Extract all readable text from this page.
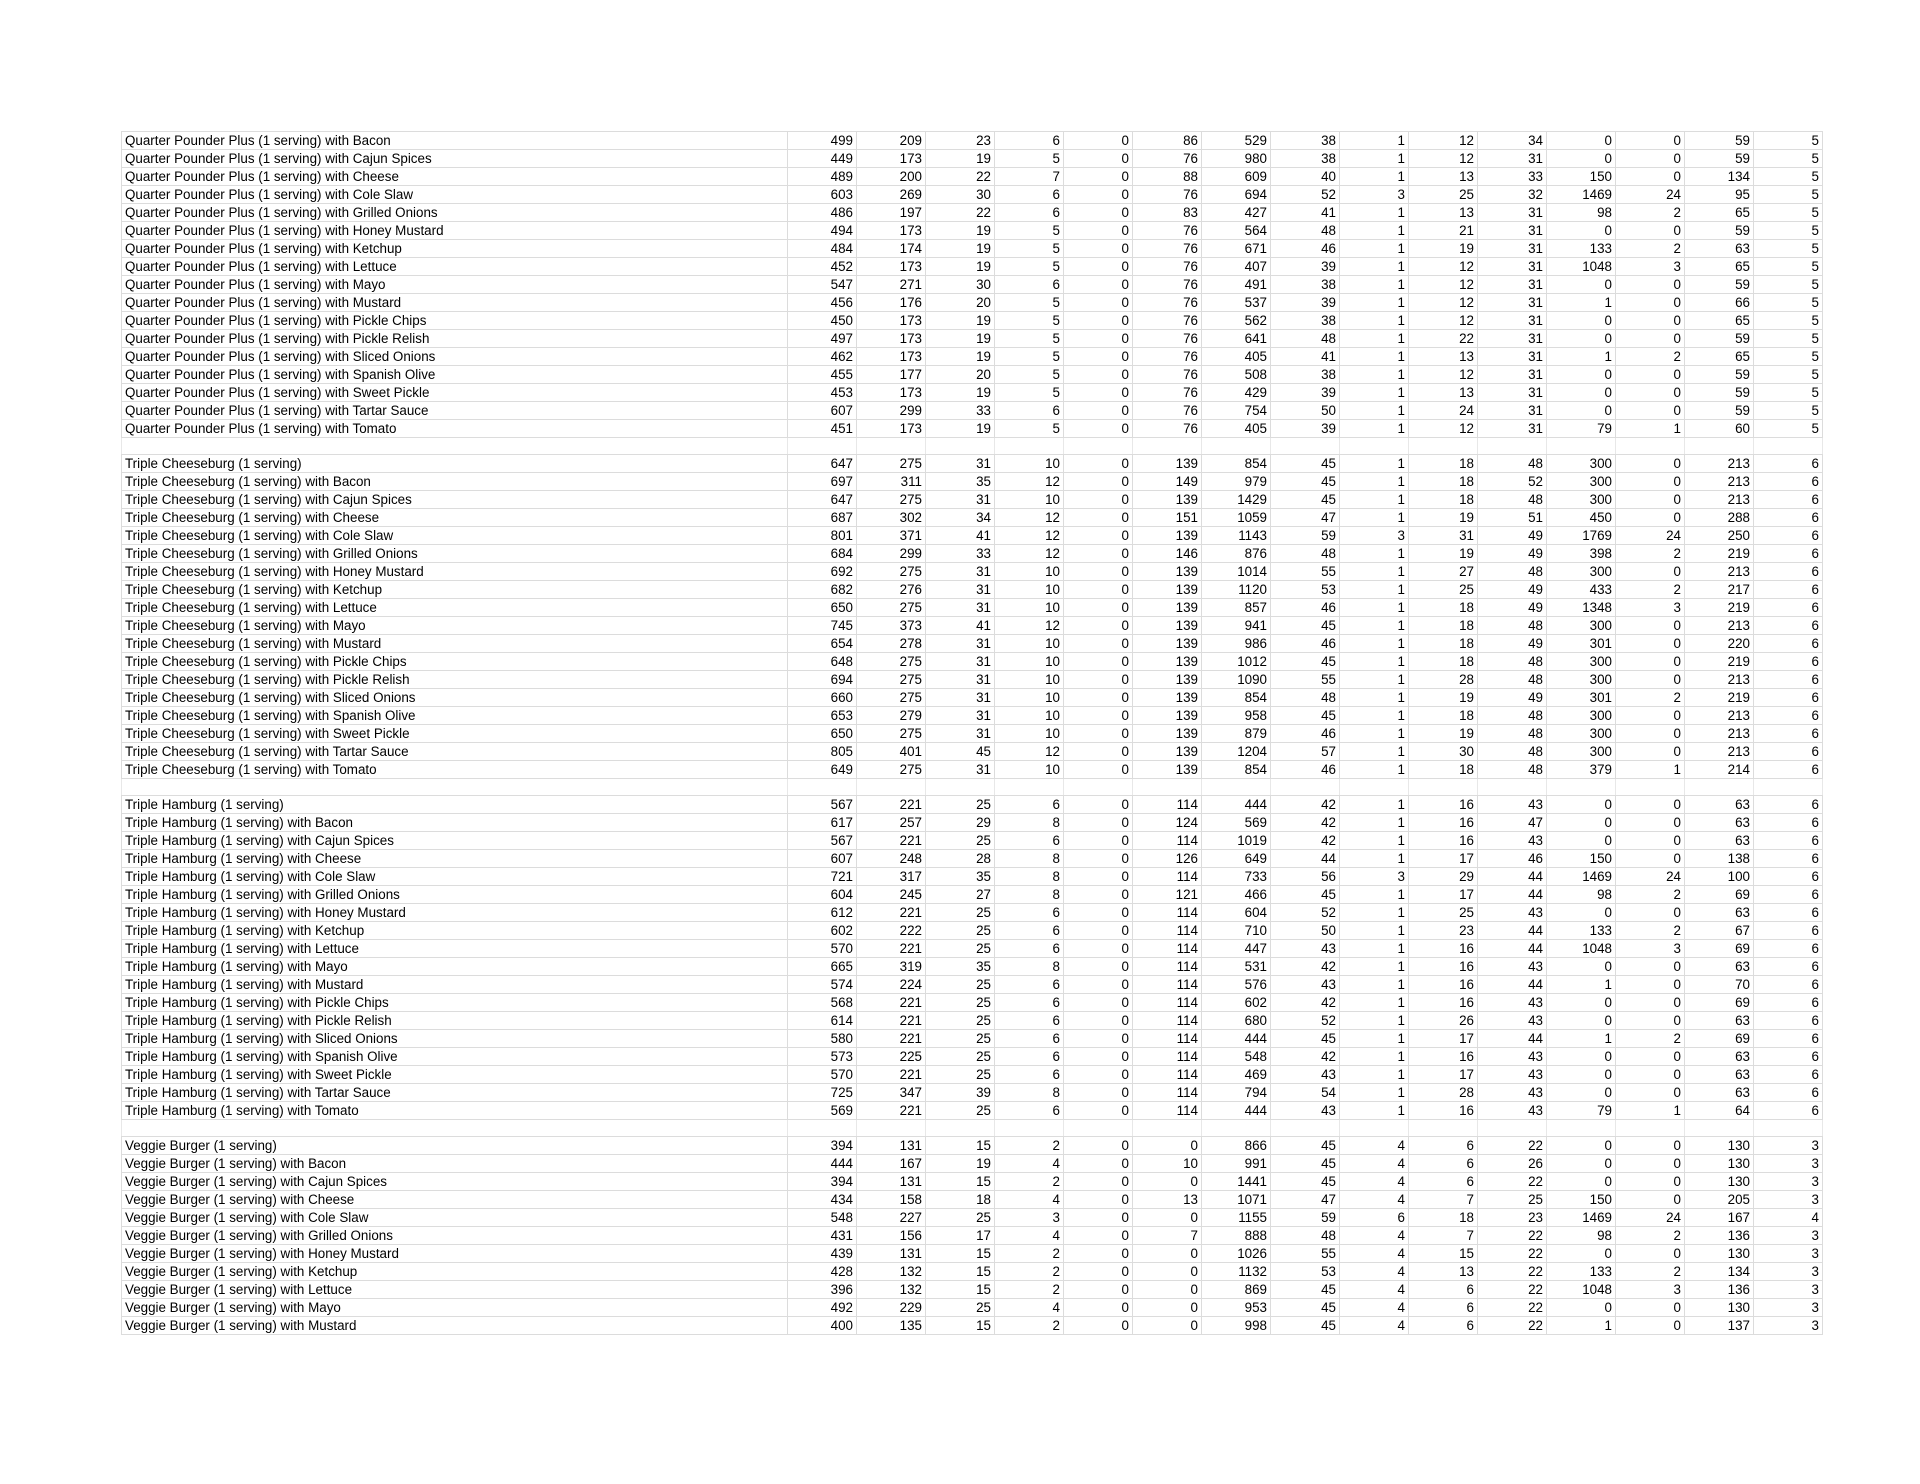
Quarter Pounder Plus (1 serving) with Bacon	499	209	23	6	0	86	529	38	1	12	34	0	0	59	5
Quarter Pounder Plus (1 serving) with Cajun Spices	449	173	19	5	0	76	980	38	1	12	31	0	0	59	5
Quarter Pounder Plus (1 serving) with Cheese	489	200	22	7	0	88	609	40	1	13	33	150	0	134	5
Quarter Pounder Plus (1 serving) with Cole Slaw	603	269	30	6	0	76	694	52	3	25	32	1469	24	95	5
Quarter Pounder Plus (1 serving) with Grilled Onions	486	197	22	6	0	83	427	41	1	13	31	98	2	65	5
Quarter Pounder Plus (1 serving) with Honey Mustard	494	173	19	5	0	76	564	48	1	21	31	0	0	59	5
Quarter Pounder Plus (1 serving) with Ketchup	484	174	19	5	0	76	671	46	1	19	31	133	2	63	5
Quarter Pounder Plus (1 serving) with Lettuce	452	173	19	5	0	76	407	39	1	12	31	1048	3	65	5
Quarter Pounder Plus (1 serving) with Mayo	547	271	30	6	0	76	491	38	1	12	31	0	0	59	5
Quarter Pounder Plus (1 serving) with Mustard	456	176	20	5	0	76	537	39	1	12	31	1	0	66	5
Quarter Pounder Plus (1 serving) with Pickle Chips	450	173	19	5	0	76	562	38	1	12	31	0	0	65	5
Quarter Pounder Plus (1 serving) with Pickle Relish	497	173	19	5	0	76	641	48	1	22	31	0	0	59	5
Quarter Pounder Plus (1 serving) with Sliced Onions	462	173	19	5	0	76	405	41	1	13	31	1	2	65	5
Quarter Pounder Plus (1 serving) with Spanish Olive	455	177	20	5	0	76	508	38	1	12	31	0	0	59	5
Quarter Pounder Plus (1 serving) with Sweet Pickle	453	173	19	5	0	76	429	39	1	13	31	0	0	59	5
Quarter Pounder Plus (1 serving) with Tartar Sauce	607	299	33	6	0	76	754	50	1	24	31	0	0	59	5
Quarter Pounder Plus (1 serving) with Tomato	451	173	19	5	0	76	405	39	1	12	31	79	1	60	5

Triple Cheeseburg (1 serving)	647	275	31	10	0	139	854	45	1	18	48	300	0	213	6
Triple Cheeseburg (1 serving) with Bacon	697	311	35	12	0	149	979	45	1	18	52	300	0	213	6
Triple Cheeseburg (1 serving) with Cajun Spices	647	275	31	10	0	139	1429	45	1	18	48	300	0	213	6
Triple Cheeseburg (1 serving) with Cheese	687	302	34	12	0	151	1059	47	1	19	51	450	0	288	6
Triple Cheeseburg (1 serving) with Cole Slaw	801	371	41	12	0	139	1143	59	3	31	49	1769	24	250	6
Triple Cheeseburg (1 serving) with Grilled Onions	684	299	33	12	0	146	876	48	1	19	49	398	2	219	6
Triple Cheeseburg (1 serving) with Honey Mustard	692	275	31	10	0	139	1014	55	1	27	48	300	0	213	6
Triple Cheeseburg (1 serving) with Ketchup	682	276	31	10	0	139	1120	53	1	25	49	433	2	217	6
Triple Cheeseburg (1 serving) with Lettuce	650	275	31	10	0	139	857	46	1	18	49	1348	3	219	6
Triple Cheeseburg (1 serving) with Mayo	745	373	41	12	0	139	941	45	1	18	48	300	0	213	6
Triple Cheeseburg (1 serving) with Mustard	654	278	31	10	0	139	986	46	1	18	49	301	0	220	6
Triple Cheeseburg (1 serving) with Pickle Chips	648	275	31	10	0	139	1012	45	1	18	48	300	0	219	6
Triple Cheeseburg (1 serving) with Pickle Relish	694	275	31	10	0	139	1090	55	1	28	48	300	0	213	6
Triple Cheeseburg (1 serving) with Sliced Onions	660	275	31	10	0	139	854	48	1	19	49	301	2	219	6
Triple Cheeseburg (1 serving) with Spanish Olive	653	279	31	10	0	139	958	45	1	18	48	300	0	213	6
Triple Cheeseburg (1 serving) with Sweet Pickle	650	275	31	10	0	139	879	46	1	19	48	300	0	213	6
Triple Cheeseburg (1 serving) with Tartar Sauce	805	401	45	12	0	139	1204	57	1	30	48	300	0	213	6
Triple Cheeseburg (1 serving) with Tomato	649	275	31	10	0	139	854	46	1	18	48	379	1	214	6

Triple Hamburg (1 serving)	567	221	25	6	0	114	444	42	1	16	43	0	0	63	6
Triple Hamburg (1 serving) with Bacon	617	257	29	8	0	124	569	42	1	16	47	0	0	63	6
Triple Hamburg (1 serving) with Cajun Spices	567	221	25	6	0	114	1019	42	1	16	43	0	0	63	6
Triple Hamburg (1 serving) with Cheese	607	248	28	8	0	126	649	44	1	17	46	150	0	138	6
Triple Hamburg (1 serving) with Cole Slaw	721	317	35	8	0	114	733	56	3	29	44	1469	24	100	6
Triple Hamburg (1 serving) with Grilled Onions	604	245	27	8	0	121	466	45	1	17	44	98	2	69	6
Triple Hamburg (1 serving) with Honey Mustard	612	221	25	6	0	114	604	52	1	25	43	0	0	63	6
Triple Hamburg (1 serving) with Ketchup	602	222	25	6	0	114	710	50	1	23	44	133	2	67	6
Triple Hamburg (1 serving) with Lettuce	570	221	25	6	0	114	447	43	1	16	44	1048	3	69	6
Triple Hamburg (1 serving) with Mayo	665	319	35	8	0	114	531	42	1	16	43	0	0	63	6
Triple Hamburg (1 serving) with Mustard	574	224	25	6	0	114	576	43	1	16	44	1	0	70	6
Triple Hamburg (1 serving) with Pickle Chips	568	221	25	6	0	114	602	42	1	16	43	0	0	69	6
Triple Hamburg (1 serving) with Pickle Relish	614	221	25	6	0	114	680	52	1	26	43	0	0	63	6
Triple Hamburg (1 serving) with Sliced Onions	580	221	25	6	0	114	444	45	1	17	44	1	2	69	6
Triple Hamburg (1 serving) with Spanish Olive	573	225	25	6	0	114	548	42	1	16	43	0	0	63	6
Triple Hamburg (1 serving) with Sweet Pickle	570	221	25	6	0	114	469	43	1	17	43	0	0	63	6
Triple Hamburg (1 serving) with Tartar Sauce	725	347	39	8	0	114	794	54	1	28	43	0	0	63	6
Triple Hamburg (1 serving) with Tomato	569	221	25	6	0	114	444	43	1	16	43	79	1	64	6

Veggie Burger (1 serving)	394	131	15	2	0	0	866	45	4	6	22	0	0	130	3
Veggie Burger (1 serving) with Bacon	444	167	19	4	0	10	991	45	4	6	26	0	0	130	3
Veggie Burger (1 serving) with Cajun Spices	394	131	15	2	0	0	1441	45	4	6	22	0	0	130	3
Veggie Burger (1 serving) with Cheese	434	158	18	4	0	13	1071	47	4	7	25	150	0	205	3
Veggie Burger (1 serving) with Cole Slaw	548	227	25	3	0	0	1155	59	6	18	23	1469	24	167	4
Veggie Burger (1 serving) with Grilled Onions	431	156	17	4	0	7	888	48	4	7	22	98	2	136	3
Veggie Burger (1 serving) with Honey Mustard	439	131	15	2	0	0	1026	55	4	15	22	0	0	130	3
Veggie Burger (1 serving) with Ketchup	428	132	15	2	0	0	1132	53	4	13	22	133	2	134	3
Veggie Burger (1 serving) with Lettuce	396	132	15	2	0	0	869	45	4	6	22	1048	3	136	3
Veggie Burger (1 serving) with Mayo	492	229	25	4	0	0	953	45	4	6	22	0	0	130	3
Veggie Burger (1 serving) with Mustard	400	135	15	2	0	0	998	45	4	6	22	1	0	137	3
